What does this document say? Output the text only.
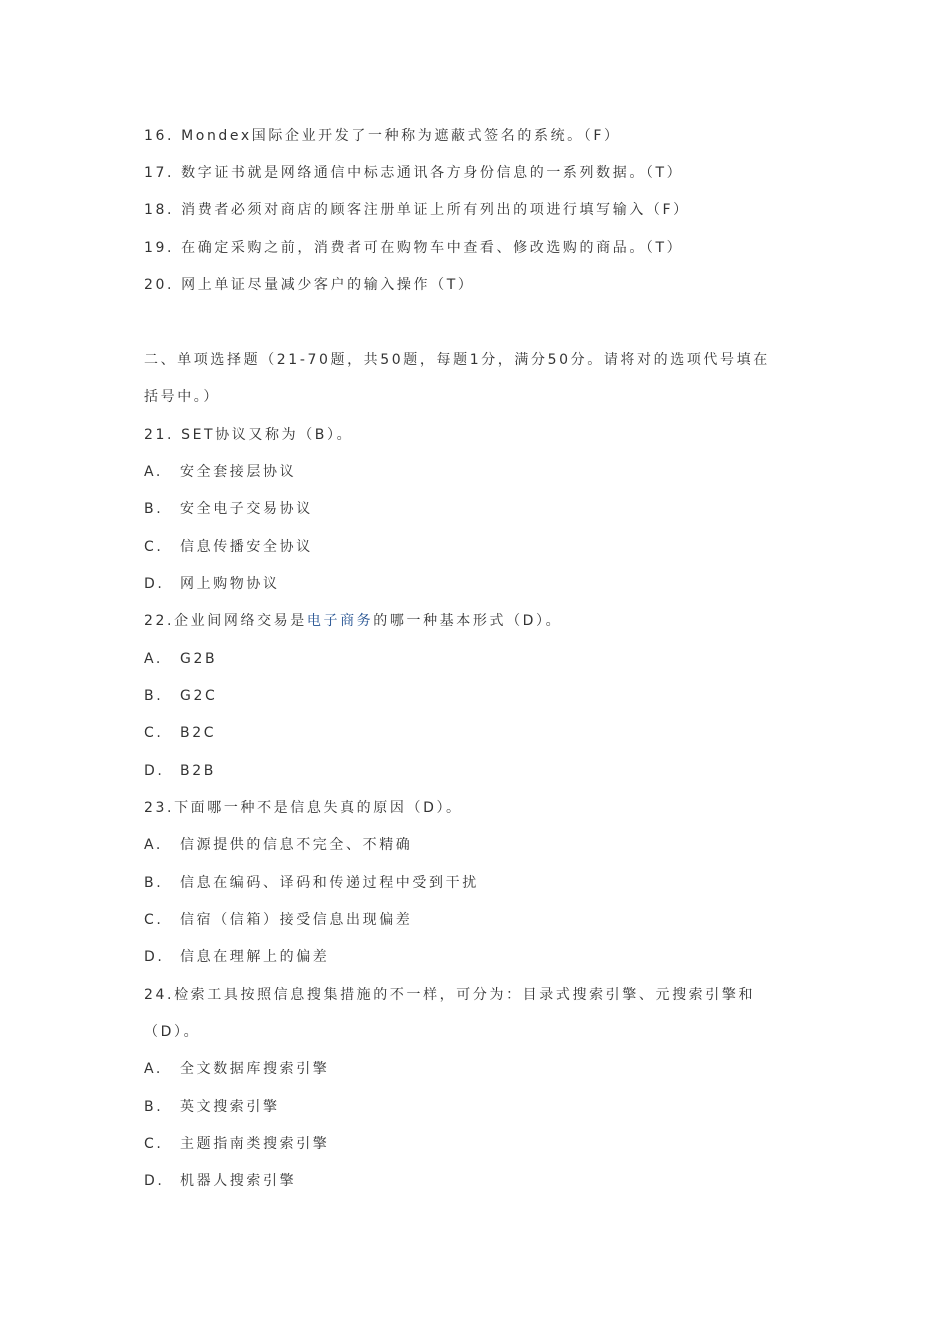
16. Mondex国际企业开发了一种称为遮蔽式签名的系统。（F）
17. 数字证书就是网络通信中标志通讯各方身份信息的一系列数据。（T）
18. 消费者必须对商店的顾客注册单证上所有列出的项进行填写输入（F）
19. 在确定采购之前，消费者可在购物车中查看、修改选购的商品。（T）
20. 网上单证尽量减少客户的输入操作（T）
二、单项选择题（21-70题，共50题，每题1分，满分50分。请将对的选项代号填在
括号中。）
21. SET协议又称为（B）。
A. 安全套接层协议
B. 安全电子交易协议
C. 信息传播安全协议
D. 网上购物协议
22.企业间网络交易是电子商务的哪一种基本形式（D）。
A. G2B
B. G2C
C. B2C
D. B2B
23.下面哪一种不是信息失真的原因（D）。
A. 信源提供的信息不完全、不精确
B. 信息在编码、译码和传递过程中受到干扰
C. 信宿（信箱）接受信息出现偏差
D. 信息在理解上的偏差
24.检索工具按照信息搜集措施的不一样，可分为：目录式搜索引擎、元搜索引擎和
（D）。
A. 全文数据库搜索引擎
B. 英文搜索引擎
C. 主题指南类搜索引擎
D. 机器人搜索引擎
